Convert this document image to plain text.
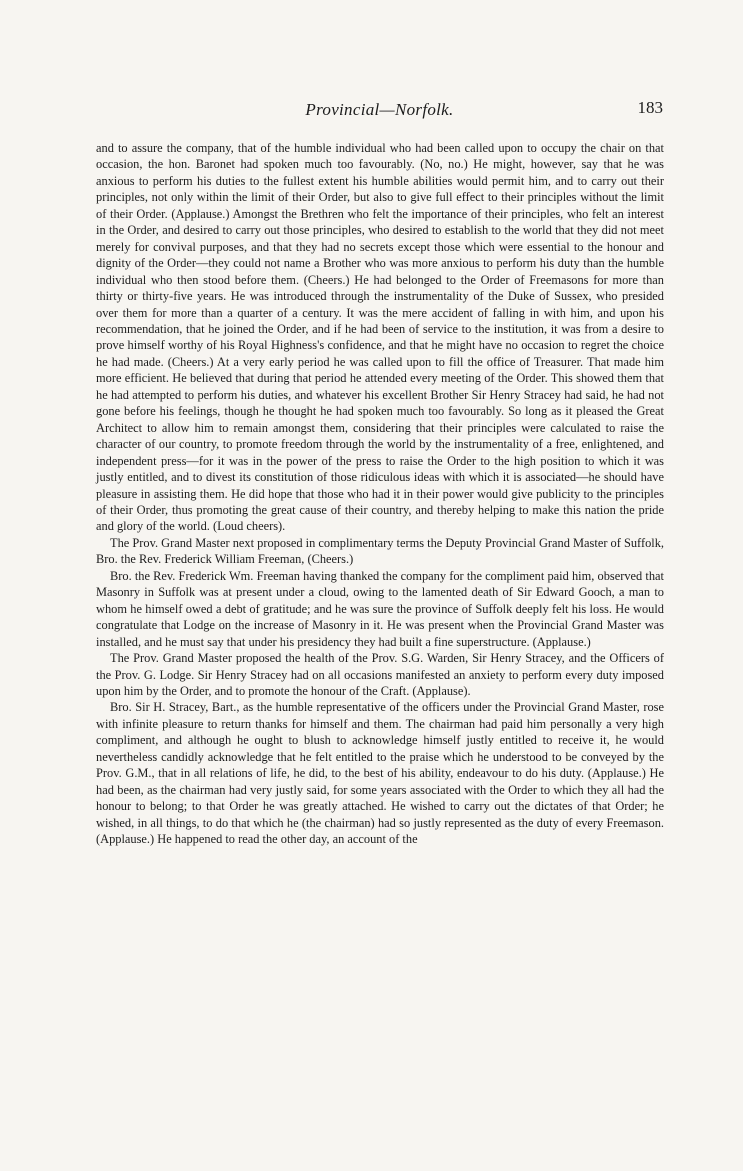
Provincial—Norfolk.	183

and to assure the company, that of the humble individual who had been called upon to occupy the chair on that occasion, the hon. Baronet had spoken much too favourably. (No, no.) He might, however, say that he was anxious to perform his duties to the fullest extent his humble abilities would permit him, and to carry out their principles, not only within the limit of their Order, but also to give full effect to their principles without the limit of their Order. (Applause.) Amongst the Brethren who felt the importance of their principles, who felt an interest in the Order, and desired to carry out those principles, who desired to establish to the world that they did not meet merely for convival purposes, and that they had no secrets except those which were essential to the honour and dignity of the Order—they could not name a Brother who was more anxious to perform his duty than the humble individual who then stood before them. (Cheers.) He had belonged to the Order of Freemasons for more than thirty or thirty-five years. He was introduced through the instrumentality of the Duke of Sussex, who presided over them for more than a quarter of a century. It was the mere accident of falling in with him, and upon his recommendation, that he joined the Order, and if he had been of service to the institution, it was from a desire to prove himself worthy of his Royal Highness's confidence, and that he might have no occasion to regret the choice he had made. (Cheers.) At a very early period he was called upon to fill the office of Treasurer. That made him more efficient. He believed that during that period he attended every meeting of the Order. This showed them that he had attempted to perform his duties, and whatever his excellent Brother Sir Henry Stracey had said, he had not gone before his feelings, though he thought he had spoken much too favourably. So long as it pleased the Great Architect to allow him to remain amongst them, considering that their principles were calculated to raise the character of our country, to promote freedom through the world by the instrumentality of a free, enlightened, and independent press—for it was in the power of the press to raise the Order to the high position to which it was justly entitled, and to divest its constitution of those ridiculous ideas with which it is associated—he should have pleasure in assisting them. He did hope that those who had it in their power would give publicity to the principles of their Order, thus promoting the great cause of their country, and thereby helping to make this nation the pride and glory of the world. (Loud cheers).

The Prov. Grand Master next proposed in complimentary terms the Deputy Provincial Grand Master of Suffolk, Bro. the Rev. Frederick William Freeman, (Cheers.)

Bro. the Rev. Frederick Wm. Freeman having thanked the company for the compliment paid him, observed that Masonry in Suffolk was at present under a cloud, owing to the lamented death of Sir Edward Gooch, a man to whom he himself owed a debt of gratitude; and he was sure the province of Suffolk deeply felt his loss. He would congratulate that Lodge on the increase of Masonry in it. He was present when the Provincial Grand Master was installed, and he must say that under his presidency they had built a fine superstructure. (Applause.)

The Prov. Grand Master proposed the health of the Prov. S.G. Warden, Sir Henry Stracey, and the Officers of the Prov. G. Lodge. Sir Henry Stracey had on all occasions manifested an anxiety to perform every duty imposed upon him by the Order, and to promote the honour of the Craft. (Applause).

Bro. Sir H. Stracey, Bart., as the humble representative of the officers under the Provincial Grand Master, rose with infinite pleasure to return thanks for himself and them. The chairman had paid him personally a very high compliment, and although he ought to blush to acknowledge himself justly entitled to receive it, he would nevertheless candidly acknowledge that he felt entitled to the praise which he understood to be conveyed by the Prov. G.M., that in all relations of life, he did, to the best of his ability, endeavour to do his duty. (Applause.) He had been, as the chairman had very justly said, for some years associated with the Order to which they all had the honour to belong; to that Order he was greatly attached. He wished to carry out the dictates of that Order; he wished, in all things, to do that which he (the chairman) had so justly represented as the duty of every Freemason. (Applause.) He happened to read the other day, an account of the
